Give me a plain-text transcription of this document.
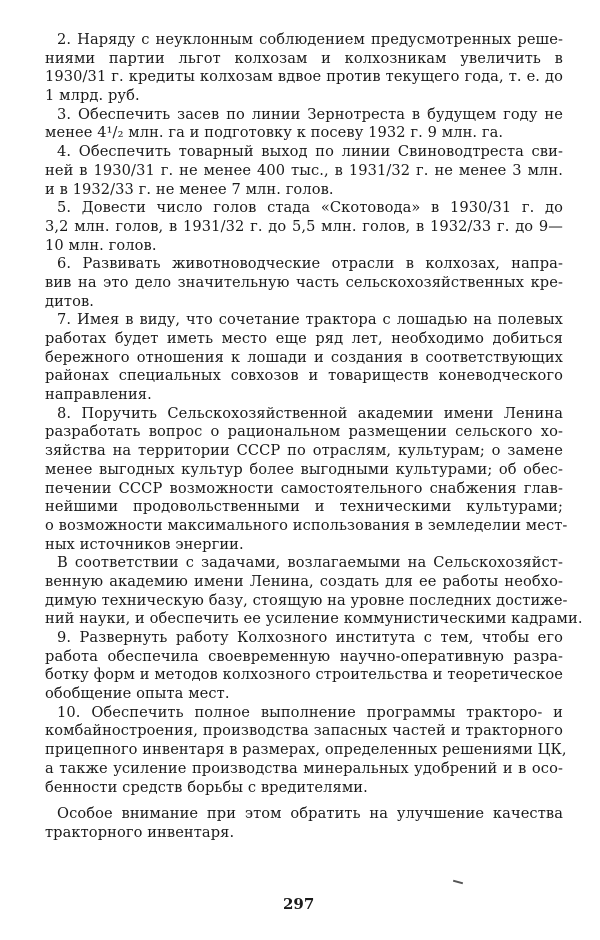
2. Наряду с неуклонным соблюдением предусмотренных реше-
ниями партии льгот колхозам и колхозникам увеличить в
1930/31 г. кредиты колхозам вдвое против текущего года, т. е. до
1 млрд. руб.
3. Обеспечить засев по линии Зернотреста в будущем году не
менее 4¹/₂ млн. га и подготовку к посеву 1932 г. 9 млн. га.
4. Обеспечить товарный выход по линии Свиноводтреста сви-
ней в 1930/31 г. не менее 400 тыс., в 1931/32 г. не менее 3 млн.
и в 1932/33 г. не менее 7 млн. голов.
5. Довести число голов стада «Скотовода» в 1930/31 г. до
3,2 млн. голов, в 1931/32 г. до 5,5 млн. голов, в 1932/33 г. до 9—
10 млн. голов.
6. Развивать животноводческие отрасли в колхозах, напра-
вив на это дело значительную часть сельскохозяйственных кре-
дитов.
7. Имея в виду, что сочетание трактора с лошадью на полевых
работах будет иметь место еще ряд лет, необходимо добиться
бережного отношения к лошади и создания в соответствующих
районах специальных совхозов и товариществ коневодческого
направления.
8. Поручить Сельскохозяйственной академии имени Ленина
разработать вопрос о рациональном размещении сельского хо-
зяйства на территории СССР по отраслям, культурам; о замене
менее выгодных культур более выгодными культурами; об обес-
печении СССР возможности самостоятельного снабжения глав-
нейшими продовольственными и техническими культурами;
о возможности максимального использования в земледелии мест-
ных источников энергии.
В соответствии с задачами, возлагаемыми на Сельскохозяйст-
венную академию имени Ленина, создать для ее работы необхо-
димую техническую базу, стоящую на уровне последних достиже-
ний науки, и обеспечить ее усиление коммунистическими кадрами.
9. Развернуть работу Колхозного института с тем, чтобы его
работа обеспечила своевременную научно-оперативную разра-
ботку форм и методов колхозного строительства и теоретическое
обобщение опыта мест.
10. Обеспечить полное выполнение программы тракторо- и
комбайностроения, производства запасных частей и тракторного
прицепного инвентаря в размерах, определенных решениями ЦК,
а также усиление производства минеральных удобрений и в осо-
бенности средств борьбы с вредителями.
Особое внимание при этом обратить на улучшение качества
тракторного инвентаря.
297
